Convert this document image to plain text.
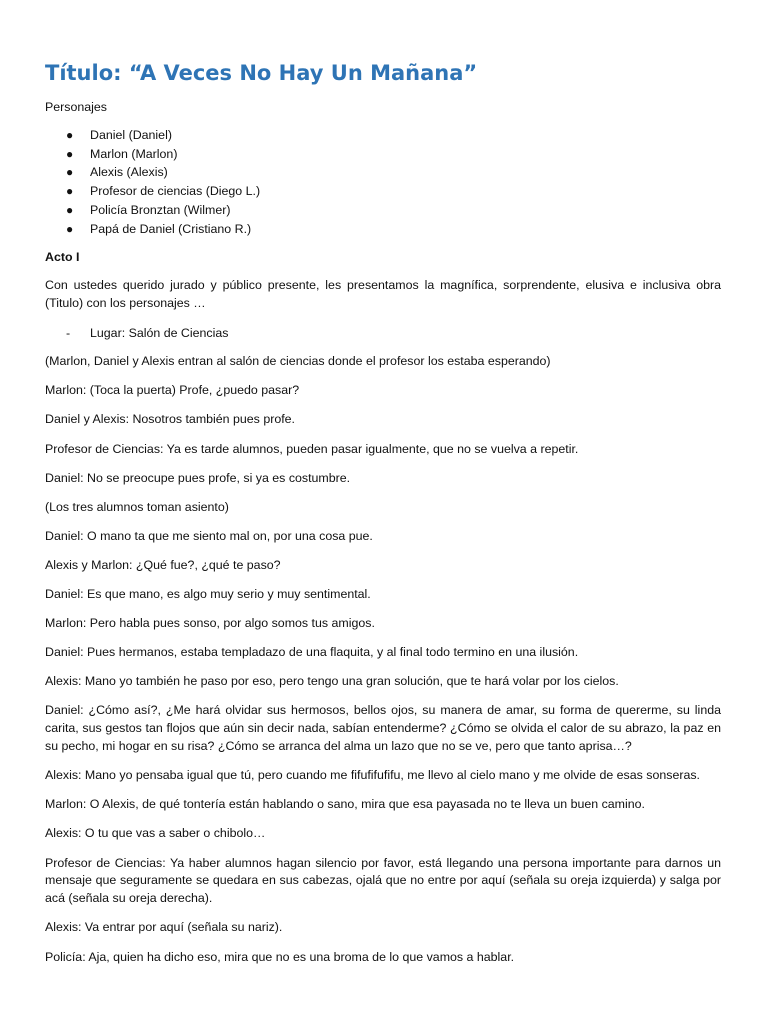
Título: “A Veces No Hay Un Mañana”
Personajes
● Daniel (Daniel)
● Marlon (Marlon)
● Alexis (Alexis)
● Profesor de ciencias (Diego L.)
● Policía Bronztan (Wilmer)
● Papá de Daniel (Cristiano R.)
Acto I

Con ustedes querido jurado y público presente, les presentamos la magnífica, sorprendente, elusiva e inclusiva obra (Titulo) con los personajes …

- Lugar: Salón de Ciencias

(Marlon, Daniel y Alexis entran al salón de ciencias donde el profesor los estaba esperando)

Marlon: (Toca la puerta) Profe, ¿puedo pasar?

Daniel y Alexis: Nosotros también pues profe.

Profesor de Ciencias: Ya es tarde alumnos, pueden pasar igualmente, que no se vuelva a repetir.

Daniel: No se preocupe pues profe, si ya es costumbre.

(Los tres alumnos toman asiento)

Daniel: O mano ta que me siento mal on, por una cosa pue.

Alexis y Marlon: ¿Qué fue?, ¿qué te paso?

Daniel: Es que mano, es algo muy serio y muy sentimental.

Marlon: Pero habla pues sonso, por algo somos tus amigos.

Daniel: Pues hermanos, estaba templadazo de una flaquita, y al final todo termino en una ilusión.

Alexis: Mano yo también he paso por eso, pero tengo una gran solución, que te hará volar por los cielos.

Daniel: ¿Cómo así?, ¿Me hará olvidar sus hermosos, bellos ojos, su manera de amar, su forma de quererme, su linda carita, sus gestos tan flojos que aún sin decir nada, sabían entenderme? ¿Cómo se olvida el calor de su abrazo, la paz en su pecho, mi hogar en su risa? ¿Cómo se arranca del alma un lazo que no se ve, pero que tanto aprisa…?

Alexis: Mano yo pensaba igual que tú, pero cuando me fifufifufifu, me llevo al cielo mano y me olvide de esas sonseras.

Marlon: O Alexis, de qué tontería están hablando o sano, mira que esa payasada no te lleva un buen camino.

Alexis: O tu que vas a saber o chibolo…

Profesor de Ciencias: Ya haber alumnos hagan silencio por favor, está llegando una persona importante para darnos un mensaje que seguramente se quedara en sus cabezas, ojalá que no entre por aquí (señala su oreja izquierda) y salga por acá (señala su oreja derecha).

Alexis: Va entrar por aquí (señala su nariz).

Policía: Aja, quien ha dicho eso, mira que no es una broma de lo que vamos a hablar.
